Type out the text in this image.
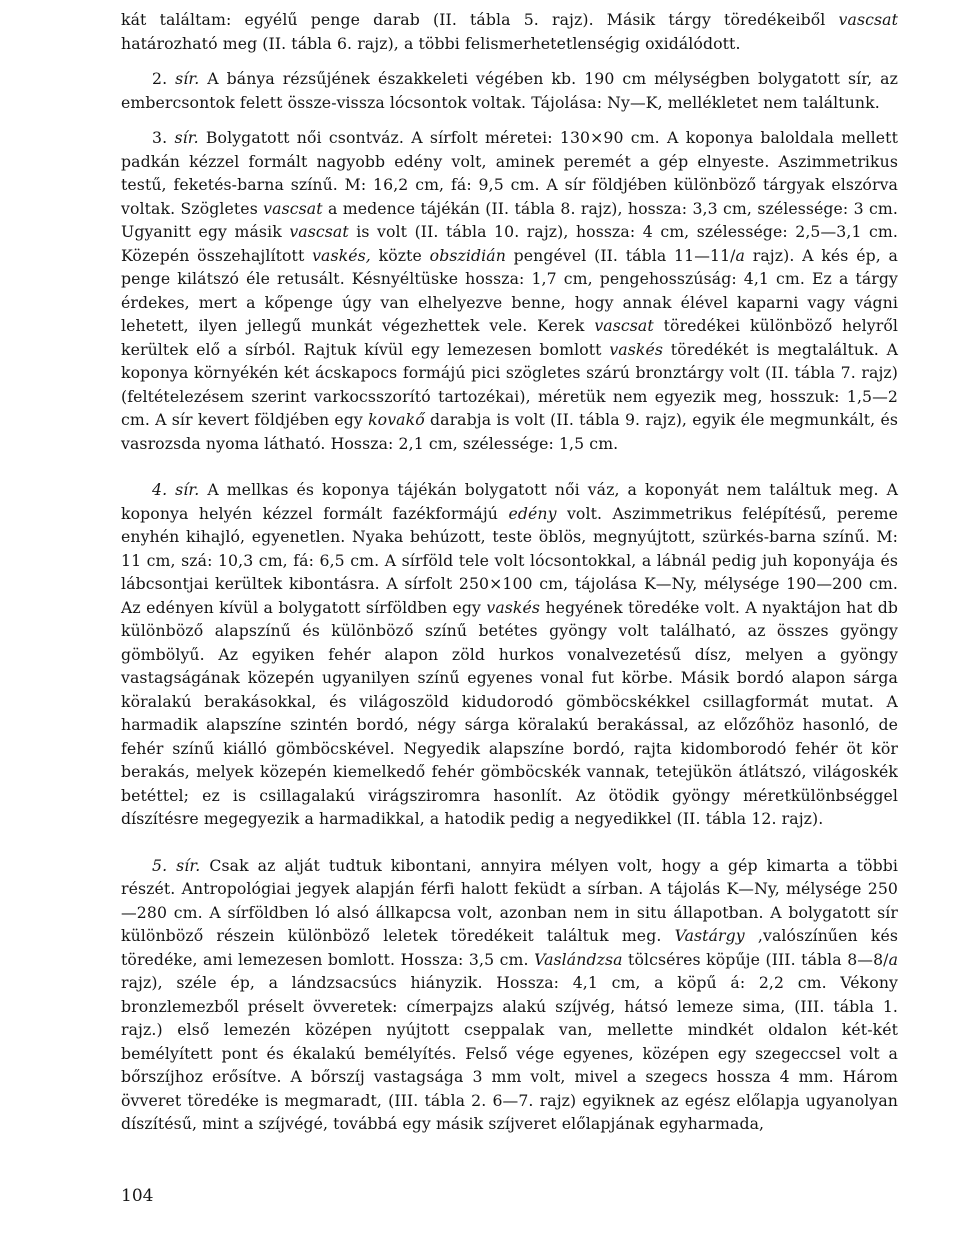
kát találtam: egyélű penge darab (II. tábla 5. rajz). Másik tárgy töredékeiből vascsat határozható meg (II. tábla 6. rajz), a többi felismerhetetlenségig oxidálódott.

2. sír. A bánya rézsűjének északkeleti végében kb. 190 cm mélységben bolygatott sír, az embercsontok felett össze-vissza lócsontok voltak. Tájolása: Ny—K, mellékletet nem találtunk.

3. sír. Bolygatott női csontváz. A sírfolt méretei: 130×90 cm. A koponya baloldala mellett padkán kézzel formált nagyobb edény volt, aminek peremét a gép elnyeste. Aszimmetrikus testű, feketés-barna színű. M: 16,2 cm, fá: 9,5 cm. A sír földjében különböző tárgyak elszórva voltak. Szögletes vascsat a medence tájékán (II. tábla 8. rajz), hossza: 3,3 cm, szélessége: 3 cm. Ugyanitt egy másik vascsat is volt (II. tábla 10. rajz), hossza: 4 cm, szélessége: 2,5—3,1 cm. Közepén összehajlított vaskés, közte obszidián pengével (II. tábla 11—11/a rajz). A kés ép, a penge kilátszó éle retusált. Késnyéltüske hossza: 1,7 cm, pengehosszúság: 4,1 cm. Ez a tárgy érdekes, mert a kőpenge úgy van elhelyezve benne, hogy annak élével kaparni vagy vágni lehetett, ilyen jellegű munkát végezhettek vele. Kerek vascsat töredékei különböző helyről kerültek elő a sírból. Rajtuk kívül egy lemezesen bomlott vaskés töredékét is megtaláltuk. A koponya környékén két ácskapocs formájú pici szögletes szárú bronztárgy volt (II. tábla 7. rajz) (feltételezésem szerint varkocsszorító tartozékai), méretük nem egyezik meg, hosszuk: 1,5—2 cm. A sír kevert földjében egy kovakő darabja is volt (II. tábla 9. rajz), egyik éle megmunkált, és vasrozsda nyoma látható. Hossza: 2,1 cm, szélessége: 1,5 cm.

4. sír. A mellkas és koponya tájékán bolygatott női váz, a koponyát nem találtuk meg. A koponya helyén kézzel formált fazékformájú edény volt. Aszimmetrikus felépítésű, pereme enyhén kihajló, egyenetlen. Nyaka behúzott, teste öblös, megnyújtott, szürkés-barna színű. M: 11 cm, szá: 10,3 cm, fá: 6,5 cm. A sírföld tele volt lócsontokkal, a lábnál pedig juh koponyája és lábcsontjai kerültek kibontásra. A sírfolt 250×100 cm, tájolása K—Ny, mélysége 190—200 cm. Az edényen kívül a bolygatott sírföldben egy vaskés hegyének töredéke volt. A nyaktájon hat db különböző alapszínű és különböző színű betétes gyöngy volt található, az összes gyöngy gömbölyű. Az egyiken fehér alapon zöld hurkos vonalvezetésű dísz, melyen a gyöngy vastagságának közepén ugyanilyen színű egyenes vonal fut körbe. Másik bordó alapon sárga köralakú berakásokkal, és világoszöld kidudorodó gömböcskékkel csillagformát mutat. A harmadik alapszíne szintén bordó, négy sárga köralakú berakással, az előzőhöz hasonló, de fehér színű kiálló gömböcskével. Negyedik alapszíne bordó, rajta kidomborodó fehér öt kör berakás, melyek közepén kiemelkedő fehér gömböcskék vannak, tetejükön átlátszó, világoskék betéttel; ez is csillagalakú virágsziromra hasonlít. Az ötödik gyöngy méretkülönbséggel díszítésre megegyezik a harmadikkal, a hatodik pedig a negyedikkel (II. tábla 12. rajz).

5. sír. Csak az alját tudtuk kibontani, annyira mélyen volt, hogy a gép kimarta a többi részét. Antropológiai jegyek alapján férfi halott feküdt a sírban. A tájolás K—Ny, mélysége 250—280 cm. A sírföldben ló alsó állkapcsa volt, azonban nem in situ állapotban. A bolygatott sír különböző részein különböző leletek töredékeit találtuk meg. Vastárgy ,valószínűen kés töredéke, ami lemezesen bomlott. Hossza: 3,5 cm. Vaslándzsa tölcséres köpűje (III. tábla 8—8/a rajz), széle ép, a lándzsacsúcs hiányzik. Hossza: 4,1 cm, a köpű á: 2,2 cm. Vékony bronzlemezből préselt övveretek: címerpajzs alakú szíjvég, hátsó lemeze sima, (III. tábla 1. rajz.) első lemezén középen nyújtott cseppalak van, mellette mindkét oldalon két-két bemélyített pont és ékalakú bemélyítés. Felső vége egyenes, középen egy szegeccsel volt a bőrszíjhoz erősítve. A bőrszíj vastagsága 3 mm volt, mivel a szegecs hossza 4 mm. Három övveret töredéke is megmaradt, (III. tábla 2. 6—7. rajz) egyiknek az egész előlapja ugyanolyan díszítésű, mint a szíjvégé, továbbá egy másik szíjveret előlapjának egyharmada,

104
